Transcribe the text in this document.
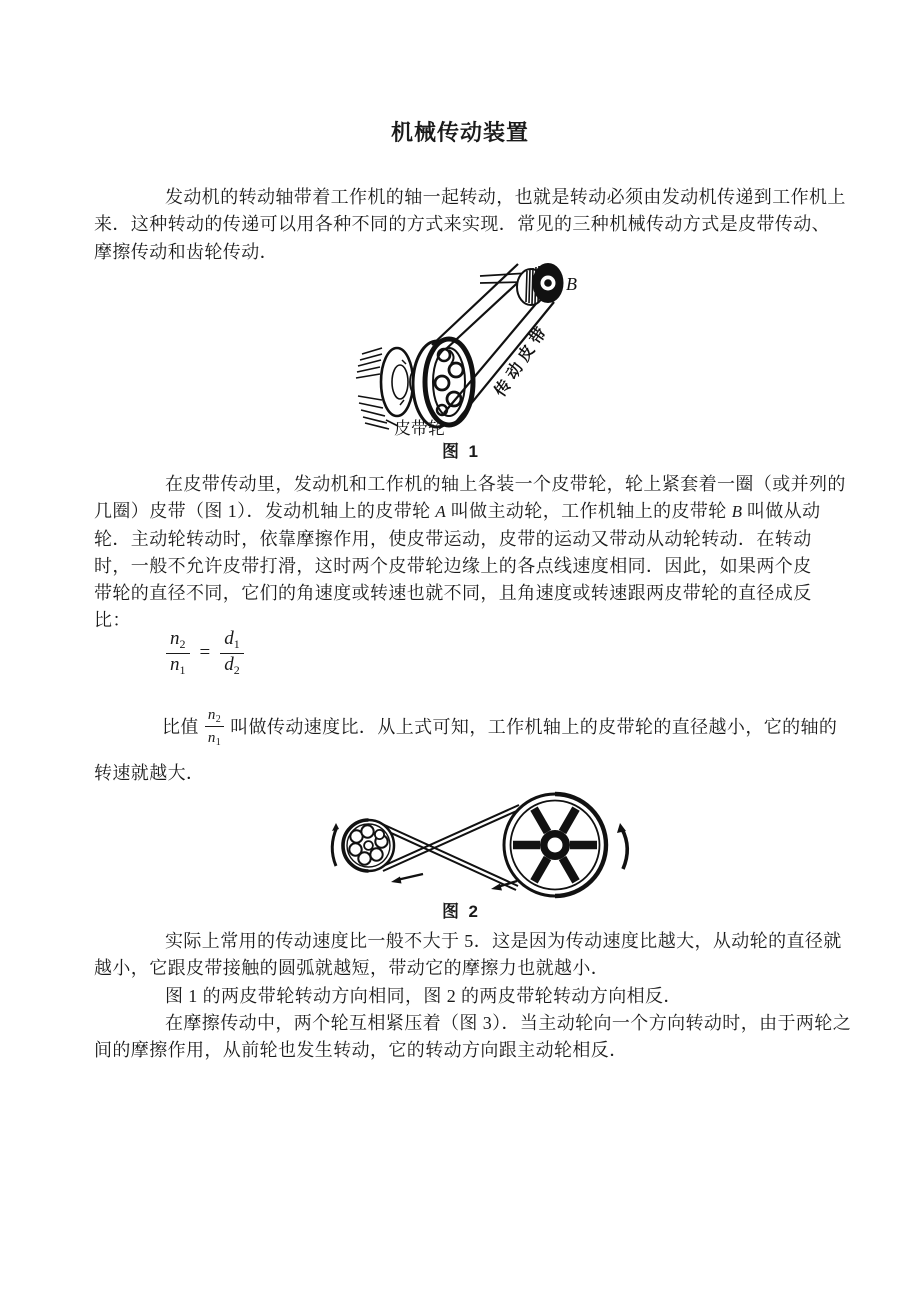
机械传动装置
发动机的转动轴带着工作机的轴一起转动，也就是转动必须由发动机传递到工作机上
来．这种转动的传递可以用各种不同的方式来实现．常见的三种机械传动方式是皮带传动、
摩擦传动和齿轮传动．
B
传动皮带
皮带轮
图  1
在皮带传动里，发动机和工作机的轴上各装一个皮带轮，轮上紧套着一圈（或并列的
几圈）皮带（图 1）．发动机轴上的皮带轮 A 叫做主动轮，工作机轴上的皮带轮 B 叫做从动
轮．主动轮转动时，依靠摩擦作用，使皮带运动，皮带的运动又带动从动轮转动．在转动
时，一般不允许皮带打滑，这时两个皮带轮边缘上的各点线速度相同．因此，如果两个皮
带轮的直径不同，它们的角速度或转速也就不同，且角速度或转速跟两皮带轮的直径成反
比：
$\frac{n_2}{n_1} = \frac{d_1}{d_2}$
比值 $\frac{n2}{n1}$ 叫做传动速度比．从上式可知，工作机轴上的皮带轮的直径越小，它的轴的
转速就越大．
图  2
实际上常用的传动速度比一般不大于 5．这是因为传动速度比越大，从动轮的直径就
越小，它跟皮带接触的圆弧就越短，带动它的摩擦力也就越小．
图 1 的两皮带轮转动方向相同，图 2 的两皮带轮转动方向相反．
在摩擦传动中，两个轮互相紧压着（图 3）．当主动轮向一个方向转动时，由于两轮之
间的摩擦作用，从前轮也发生转动，它的转动方向跟主动轮相反．
